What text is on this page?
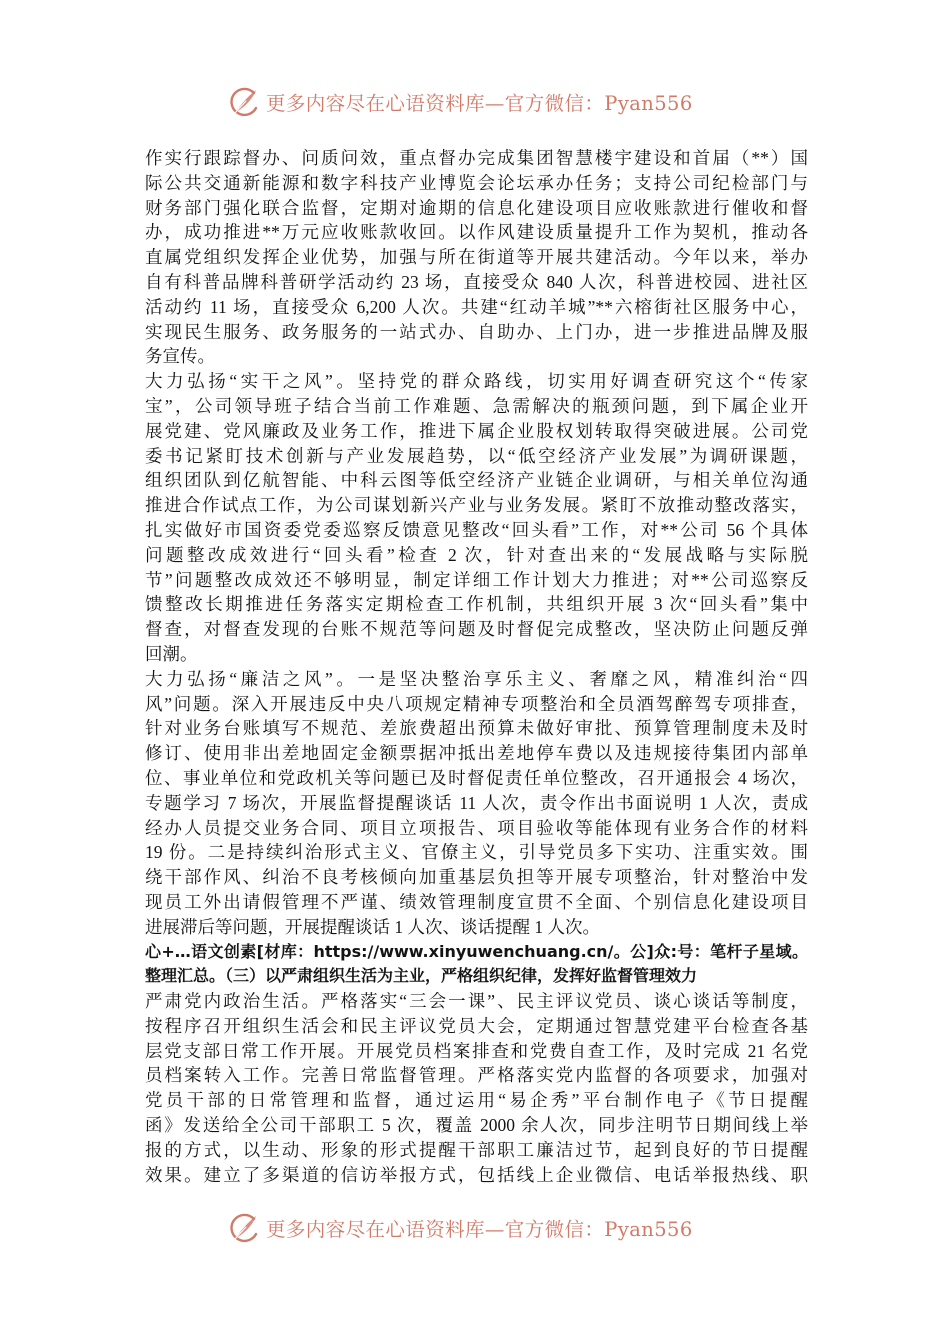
更多内容尽在心语资料库—官方微信：Pyan556
作实行跟踪督办、问质问效，重点督办完成集团智慧楼宇建设和首届（**）国
际公共交通新能源和数字科技产业博览会论坛承办任务；支持公司纪检部门与
财务部门强化联合监督，定期对逾期的信息化建设项目应收账款进行催收和督
办，成功推进**万元应收账款收回。以作风建设质量提升工作为契机，推动各
直属党组织发挥企业优势，加强与所在街道等开展共建活动。今年以来，举办
自有科普品牌科普研学活动约 23 场，直接受众 840 人次，科普进校园、进社区
活动约 11 场，直接受众 6,200 人次。共建“红动羊城”**六榕街社区服务中心，
实现民生服务、政务服务的一站式办、自助办、上门办，进一步推进品牌及服
务宣传。
大力弘扬“实干之风”。坚持党的群众路线，切实用好调查研究这个“传家
宝”，公司领导班子结合当前工作难题、急需解决的瓶颈问题，到下属企业开
展党建、党风廉政及业务工作，推进下属企业股权划转取得突破进展。公司党
委书记紧盯技术创新与产业发展趋势，以“低空经济产业发展”为调研课题，
组织团队到亿航智能、中科云图等低空经济产业链企业调研，与相关单位沟通
推进合作试点工作，为公司谋划新兴产业与业务发展。紧盯不放推动整改落实，
扎实做好市国资委党委巡察反馈意见整改“回头看”工作，对**公司 56 个具体
问题整改成效进行“回头看”检查 2 次，针对查出来的“发展战略与实际脱
节”问题整改成效还不够明显，制定详细工作计划大力推进；对**公司巡察反
馈整改长期推进任务落实定期检查工作机制，共组织开展 3 次“回头看”集中
督查，对督查发现的台账不规范等问题及时督促完成整改，坚决防止问题反弹
回潮。
大力弘扬“廉洁之风”。一是坚决整治享乐主义、奢靡之风，精准纠治“四
风”问题。深入开展违反中央八项规定精神专项整治和全员酒驾醉驾专项排查，
针对业务台账填写不规范、差旅费超出预算未做好审批、预算管理制度未及时
修订、使用非出差地固定金额票据冲抵出差地停车费以及违规接待集团内部单
位、事业单位和党政机关等问题已及时督促责任单位整改，召开通报会 4 场次，
专题学习 7 场次，开展监督提醒谈话 11 人次，责令作出书面说明 1 人次，责成
经办人员提交业务合同、项目立项报告、项目验收等能体现有业务合作的材料
19 份。二是持续纠治形式主义、官僚主义，引导党员多下实功、注重实效。围
绕干部作风、纠治不良考核倾向加重基层负担等开展专项整治，针对整治中发
现员工外出请假管理不严谨、绩效管理制度宣贯不全面、个别信息化建设项目
进展滞后等问题，开展提醒谈话 1 人次、谈话提醒 1 人次。
心+…语文创素[材库：https://www.xinyuwenchuang.cn/。公]众:号：笔杆子星域。
整理汇总。（三）以严肃组织生活为主业，严格组织纪律，发挥好监督管理效力
严肃党内政治生活。严格落实“三会一课”、民主评议党员、谈心谈话等制度，
按程序召开组织生活会和民主评议党员大会，定期通过智慧党建平台检查各基
层党支部日常工作开展。开展党员档案排查和党费自查工作，及时完成 21 名党
员档案转入工作。完善日常监督管理。严格落实党内监督的各项要求，加强对
党员干部的日常管理和监督，通过运用“易企秀”平台制作电子《节日提醒
函》发送给全公司干部职工 5 次，覆盖 2000 余人次，同步注明节日期间线上举
报的方式，以生动、形象的形式提醒干部职工廉洁过节，起到良好的节日提醒
效果。建立了多渠道的信访举报方式，包括线上企业微信、电话举报热线、职
更多内容尽在心语资料库—官方微信：Pyan556
